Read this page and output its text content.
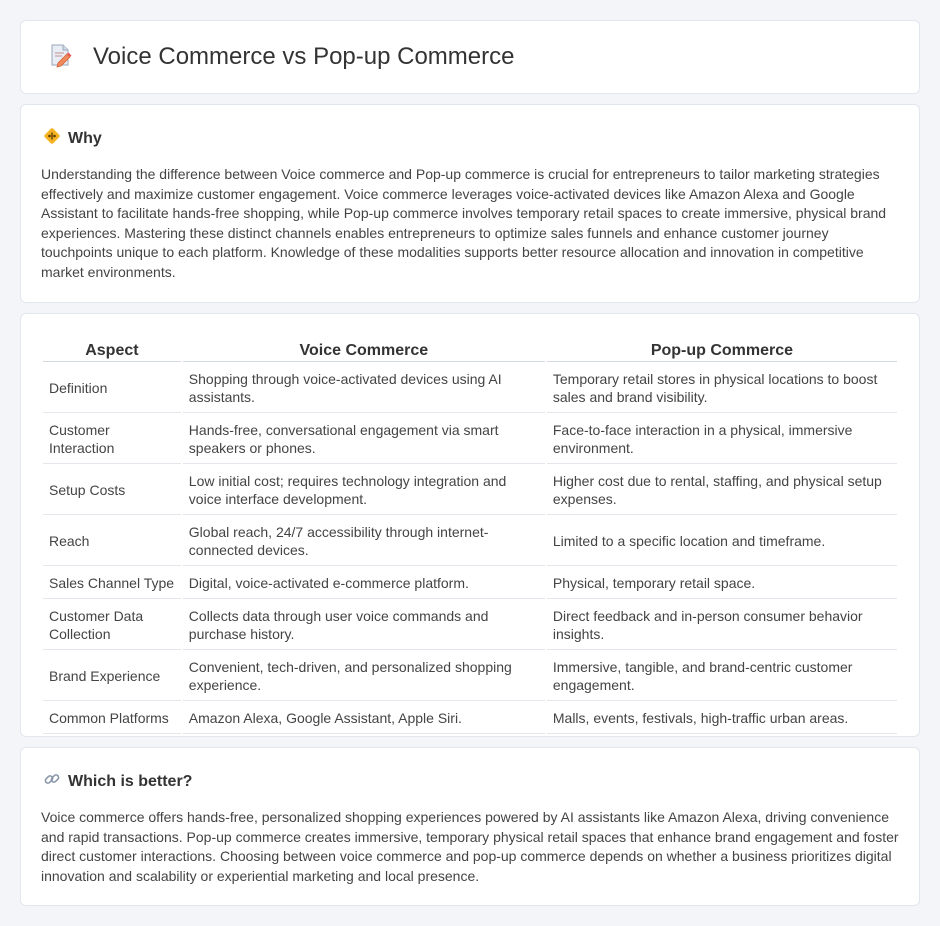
Voice Commerce vs Pop-up Commerce
Why

Understanding the difference between Voice commerce and Pop-up commerce is crucial for entrepreneurs to tailor marketing strategies effectively and maximize customer engagement. Voice commerce leverages voice-activated devices like Amazon Alexa and Google Assistant to facilitate hands-free shopping, while Pop-up commerce involves temporary retail spaces to create immersive, physical brand experiences. Mastering these distinct channels enables entrepreneurs to optimize sales funnels and enhance customer journey touchpoints unique to each platform. Knowledge of these modalities supports better resource allocation and innovation in competitive market environments.

Aspect	Voice Commerce	Pop-up Commerce
Definition	Shopping through voice-activated devices using AI assistants.	Temporary retail stores in physical locations to boost sales and brand visibility.
Customer Interaction	Hands-free, conversational engagement via smart speakers or phones.	Face-to-face interaction in a physical, immersive environment.
Setup Costs	Low initial cost; requires technology integration and voice interface development.	Higher cost due to rental, staffing, and physical setup expenses.
Reach	Global reach, 24/7 accessibility through internet-connected devices.	Limited to a specific location and timeframe.
Sales Channel Type	Digital, voice-activated e-commerce platform.	Physical, temporary retail space.
Customer Data Collection	Collects data through user voice commands and purchase history.	Direct feedback and in-person consumer behavior insights.
Brand Experience	Convenient, tech-driven, and personalized shopping experience.	Immersive, tangible, and brand-centric customer engagement.
Common Platforms	Amazon Alexa, Google Assistant, Apple Siri.	Malls, events, festivals, high-traffic urban areas.
Which is better?

Voice commerce offers hands-free, personalized shopping experiences powered by AI assistants like Amazon Alexa, driving convenience and rapid transactions. Pop-up commerce creates immersive, temporary physical retail spaces that enhance brand engagement and foster direct customer interactions. Choosing between voice commerce and pop-up commerce depends on whether a business prioritizes digital innovation and scalability or experiential marketing and local presence.
